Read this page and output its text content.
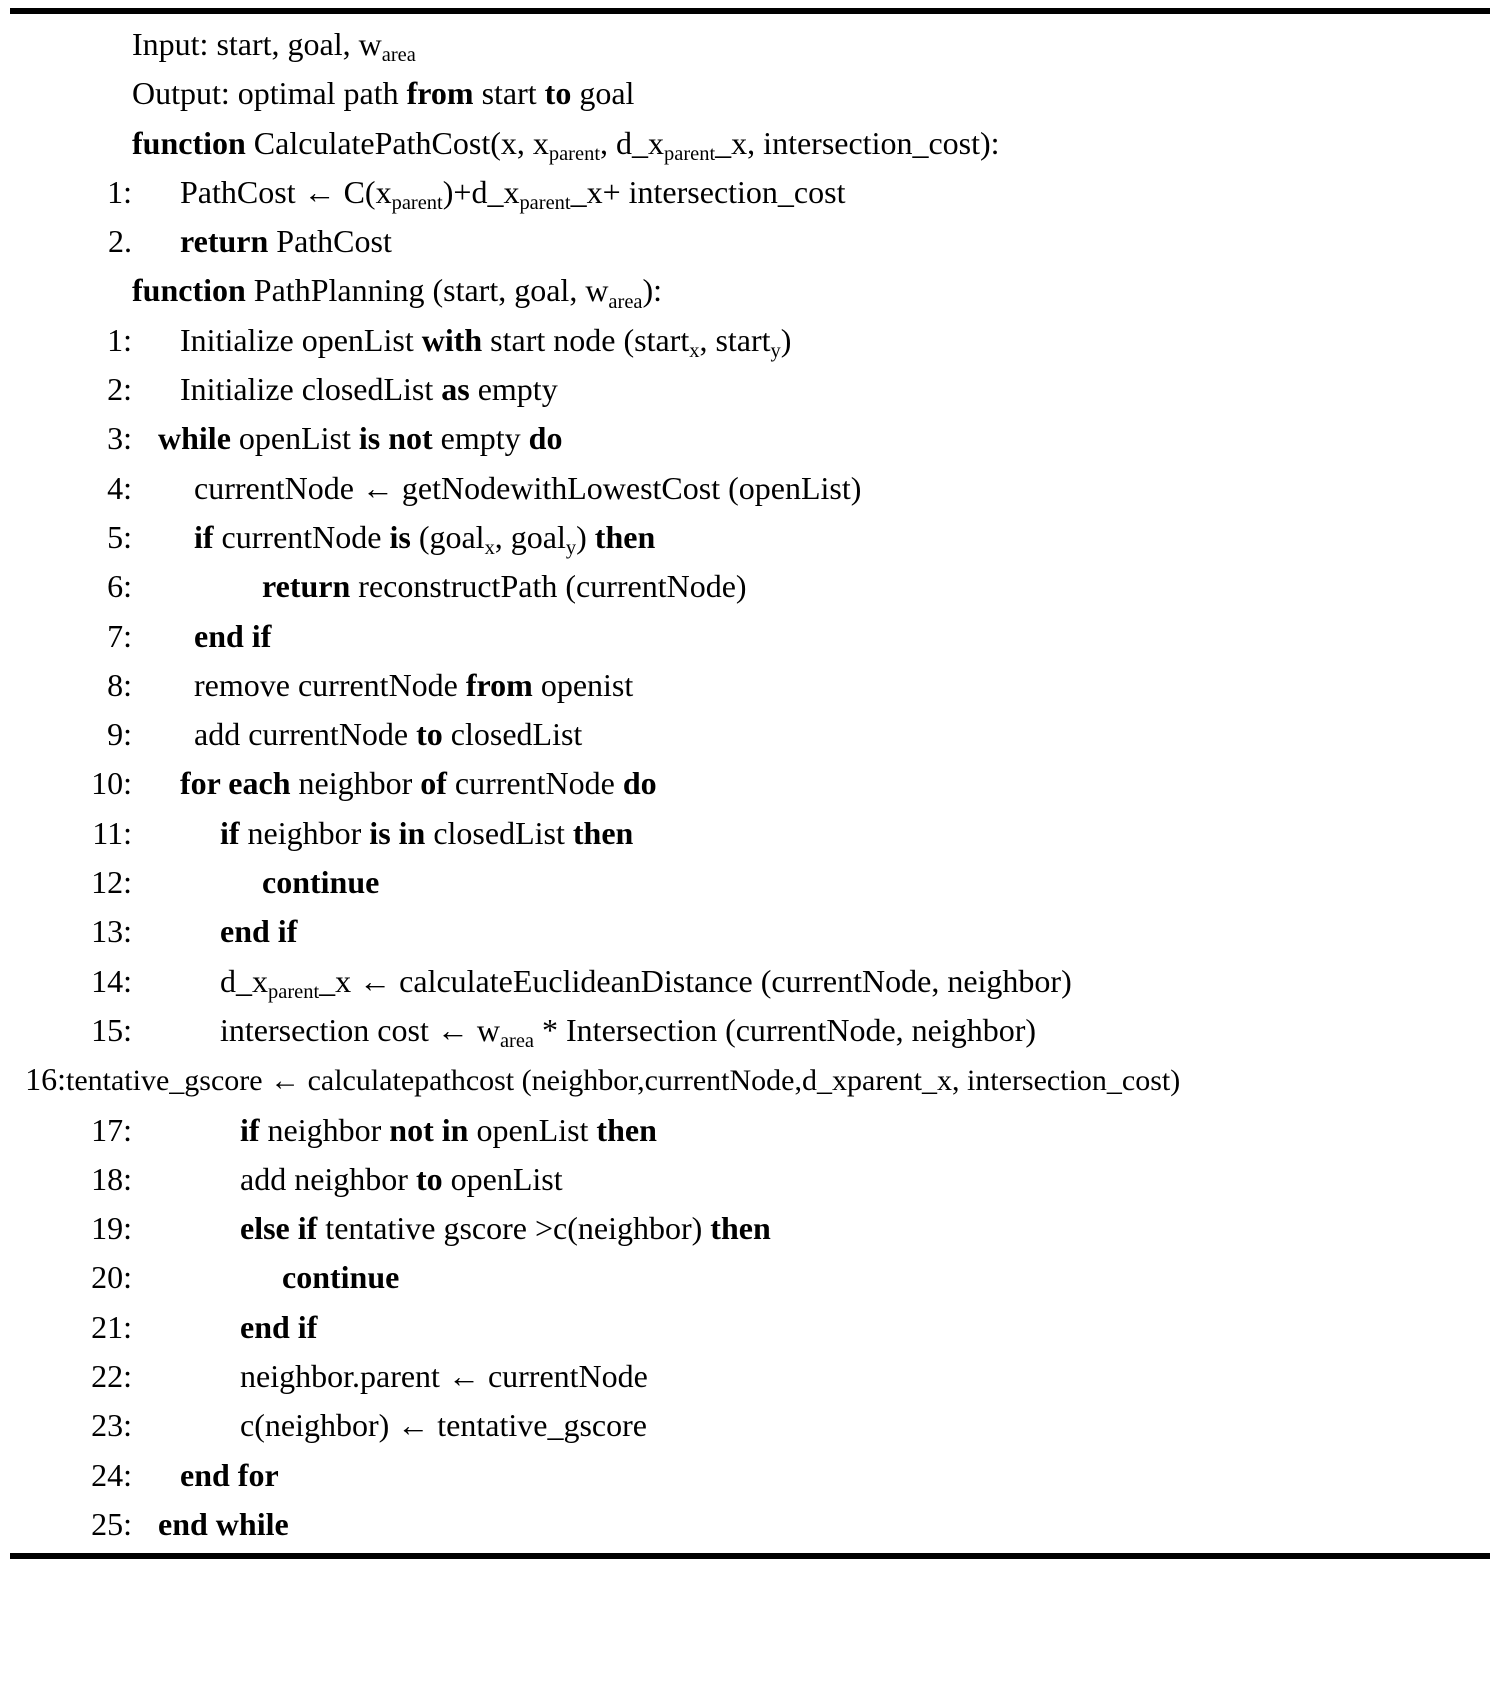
Input: start, goal, $w_{area}$
Output: optimal path from start to goal
function CalculatePathCost(x, $x_{parent}$, $d\_x_{parent}\_x$, intersection_cost):
1:	PathCost ← $C(x_{parent})+d\_x_{parent}\_x+$ intersection_cost
2.	return PathCost
function PathPlanning (start, goal, $w_{area}$):
1:	Initialize openList with start node (start$_x$, start$_y$)
2:	Initialize closedList as empty
3: while openList is not empty do
4:	currentNode ← getNodewithLowestCost (openList)
5:	if currentNode is (goal$_x$, goal$_y$) then
6:	return reconstructPath (currentNode)
7:	end if
8:	remove currentNode from openist
9:	add currentNode to closedList
10:	for each neighbor of currentNode do
11:	if neighbor is in closedList then
12:	continue
13:	end if
14:	$d\_x_{parent}\_x$ ← calculateEuclideanDistance (currentNode, neighbor)
15:	intersection cost ← $w_{area}$ * Intersection (currentNode, neighbor)
16: tentative_gscore ← calculatepathcost (neighbor,currentNode,d_xparent_x, intersection_cost)
17:	if neighbor not in openList then
18:	add neighbor to openList
19:	else if tentative gscore >c(neighbor) then
20:	continue
21:	end if
22:	neighbor.parent ← currentNode
23:	c(neighbor) ← tentative_gscore
24:	end for
25: end while
